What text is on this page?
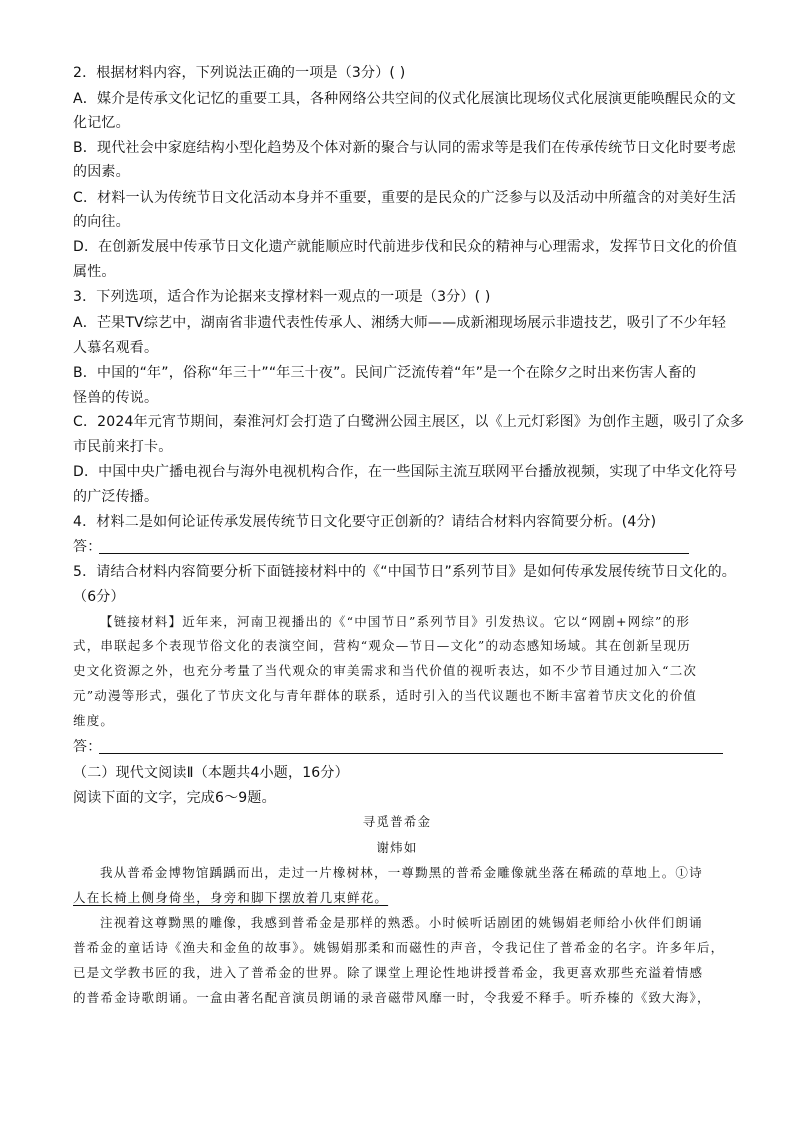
2．根据材料内容，下列说法正确的一项是（3分）( )
A．媒介是传承文化记忆的重要工具，各种网络公共空间的仪式化展演比现场仪式化展演更能唤醒民众的文
化记忆。
B．现代社会中家庭结构小型化趋势及个体对新的聚合与认同的需求等是我们在传承传统节日文化时要考虑
的因素。
C．材料一认为传统节日文化活动本身并不重要，重要的是民众的广泛参与以及活动中所蕴含的对美好生活
的向往。
D．在创新发展中传承节日文化遗产就能顺应时代前进步伐和民众的精神与心理需求，发挥节日文化的价值
属性。
3．下列选项，适合作为论据来支撑材料一观点的一项是（3分）( )
A．芒果TV综艺中，湖南省非遗代表性传承人、湘绣大师——成新湘现场展示非遗技艺，吸引了不少年轻
人慕名观看。
B．中国的“年”，俗称“年三十”“年三十夜”。民间广泛流传着“年”是一个在除夕之时出来伤害人畜的
怪兽的传说。
C．2024年元宵节期间，秦淮河灯会打造了白鹭洲公园主展区，以《上元灯彩图》为创作主题，吸引了众多
市民前来打卡。
D．中国中央广播电视台与海外电视机构合作，在一些国际主流互联网平台播放视频，实现了中华文化符号
的广泛传播。
4．材料二是如何论证传承发展传统节日文化要守正创新的？请结合材料内容简要分析。(4分)
答：
5．请结合材料内容简要分析下面链接材料中的《“中国节日”系列节目》是如何传承发展传统节日文化的。
（6分）
【链接材料】近年来，河南卫视播出的《“中国节日”系列节目》引发热议。它以“网剧+网综”的形
式，串联起多个表现节俗文化的表演空间，营构“观众—节日—文化”的动态感知场域。其在创新呈现历
史文化资源之外，也充分考量了当代观众的审美需求和当代价值的视听表达，如不少节目通过加入“二次
元”动漫等形式，强化了节庆文化与青年群体的联系，适时引入的当代议题也不断丰富着节庆文化的价值
维度。
答：
（二）现代文阅读Ⅱ（本题共4小题，16分）
阅读下面的文字，完成6～9题。
寻觅普希金
谢炜如
我从普希金博物馆踽踽而出，走过一片橡树林，一尊黝黑的普希金雕像就坐落在稀疏的草地上。①诗
人在长椅上侧身倚坐，身旁和脚下摆放着几束鲜花。
注视着这尊黝黑的雕像，我感到普希金是那样的熟悉。小时候听话剧团的姚锡娟老师给小伙伴们朗诵
普希金的童话诗《渔夫和金鱼的故事》。姚锡娟那柔和而磁性的声音，令我记住了普希金的名字。许多年后，
已是文学教书匠的我，进入了普希金的世界。除了课堂上理论性地讲授普希金，我更喜欢那些充溢着情感
的普希金诗歌朗诵。一盒由著名配音演员朗诵的录音磁带风靡一时，令我爱不释手。听乔榛的《致大海》，
